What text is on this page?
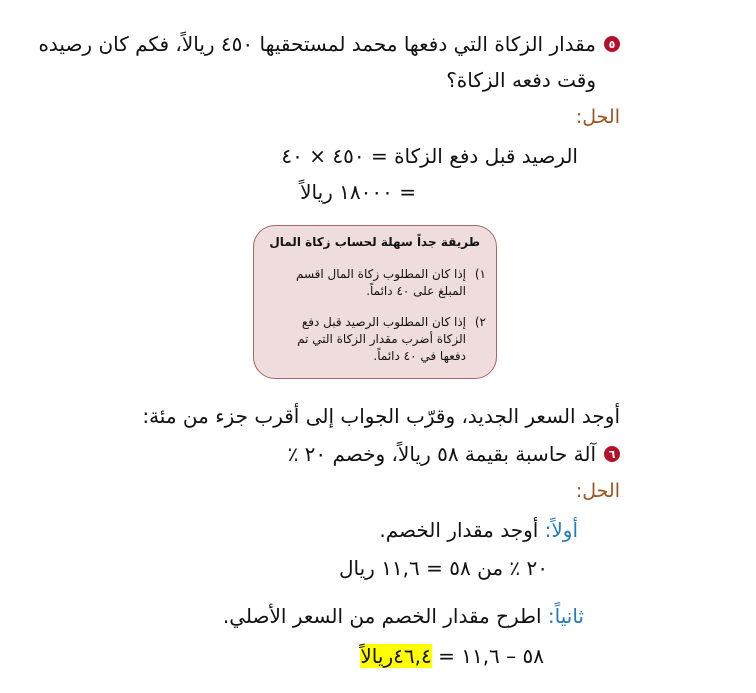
٥
مقدار الزكاة التي دفعها محمد لمستحقيها ٤٥٠ ريالاً، فكم كان رصيده
وقت دفعه الزكاة؟
الحل:
الرصيد قبل دفع الزكاة = ٤٥٠ × ٤٠
= ١٨٠٠٠ ريالاً
طريقة جداً سهلة لحساب زكاة المال
١)
إذا كان المطلوب زكاة المال اقسم
المبلغ على ٤٠ دائماً.
٢)
إذا كان المطلوب الرصيد قبل دفع
الزكاة أضرب مقدار الزكاة التي تم
دفعها في ٤٠ دائماً.
أوجد السعر الجديد، وقرّب الجواب إلى أقرب جزء من مئة:
٦
آلة حاسبة بقيمة ٥٨ ريالاً، وخصم ٢٠ ٪
الحل:
أولاً: أوجد مقدار الخصم.
٢٠ ٪ من ٥٨ = ١١,٦ ريال
ثانياً: اطرح مقدار الخصم من السعر الأصلي.
٥٨ – ١١,٦ = ٤٦,٤ريالاً
